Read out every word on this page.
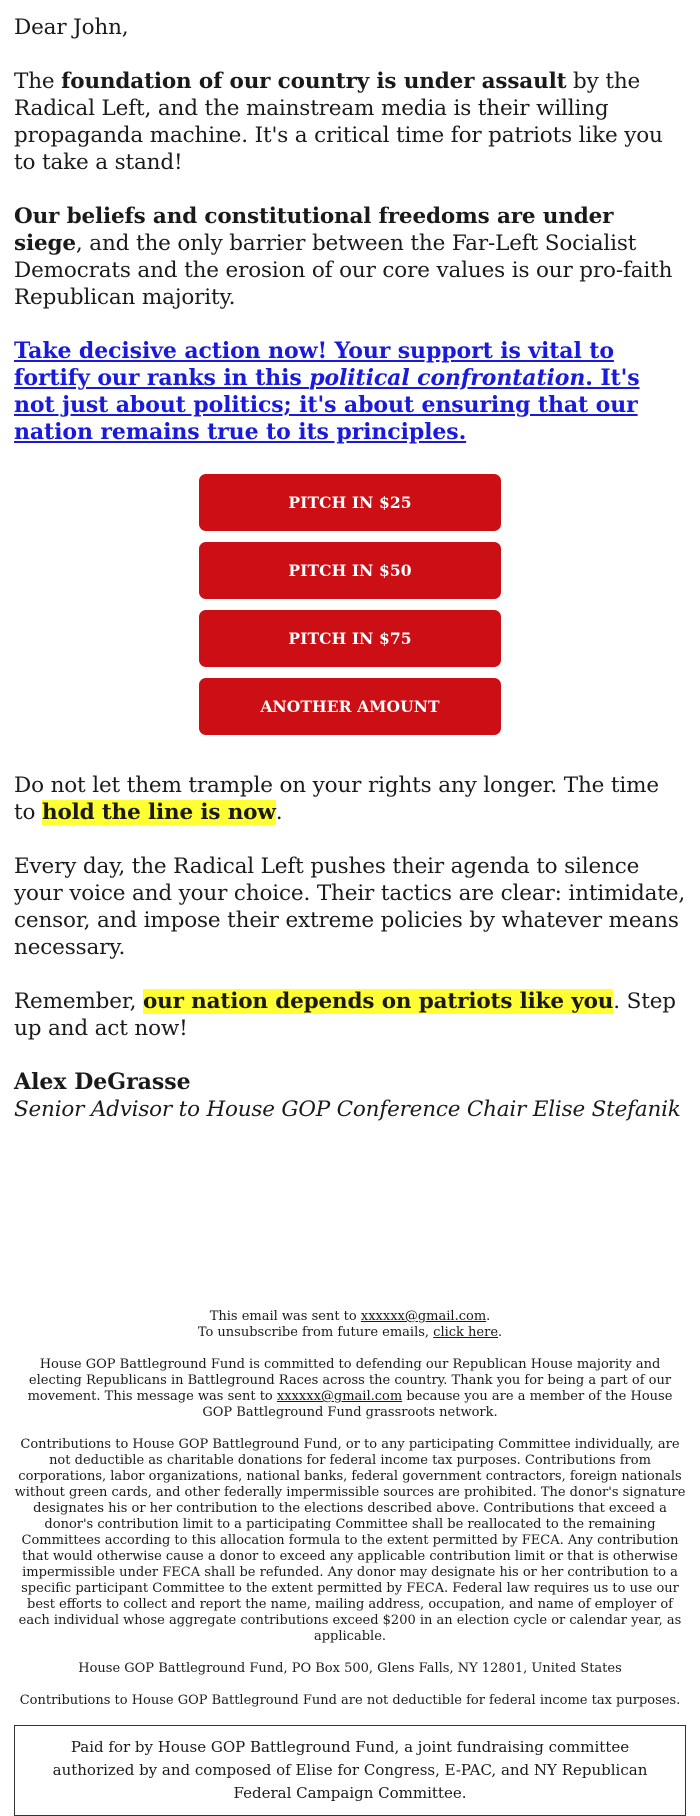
Dear John,

The foundation of our country is under assault by the Radical Left, and the mainstream media is their willing propaganda machine. It's a critical time for patriots like you to take a stand!

Our beliefs and constitutional freedoms are under siege, and the only barrier between the Far-Left Socialist Democrats and the erosion of our core values is our pro-faith Republican majority.

Take decisive action now! Your support is vital to fortify our ranks in this political confrontation. It's not just about politics; it's about ensuring that our nation remains true to its principles.
PITCH IN $25
PITCH IN $50
PITCH IN $75
ANOTHER AMOUNT

Do not let them trample on your rights any longer. The time to hold the line is now.

Every day, the Radical Left pushes their agenda to silence your voice and your choice. Their tactics are clear: intimidate, censor, and impose their extreme policies by whatever means necessary.

Remember, our nation depends on patriots like you. Step up and act now!

Alex DeGrasse

Senior Advisor to House GOP Conference Chair Elise Stefanik

This email was sent to xxxxxx@gmail.com.
To unsubscribe from future emails, click here.

House GOP Battleground Fund is committed to defending our Republican House majority and electing Republicans in Battleground Races across the country. Thank you for being a part of our movement. This message was sent to xxxxxx@gmail.com because you are a member of the House GOP Battleground Fund grassroots network.

Contributions to House GOP Battleground Fund, or to any participating Committee individually, are not deductible as charitable donations for federal income tax purposes. Contributions from corporations, labor organizations, national banks, federal government contractors, foreign nationals without green cards, and other federally impermissible sources are prohibited. The donor's signature designates his or her contribution to the elections described above. Contributions that exceed a donor's contribution limit to a participating Committee shall be reallocated to the remaining Committees according to this allocation formula to the extent permitted by FECA. Any contribution that would otherwise cause a donor to exceed any applicable contribution limit or that is otherwise impermissible under FECA shall be refunded. Any donor may designate his or her contribution to a specific participant Committee to the extent permitted by FECA. Federal law requires us to use our best efforts to collect and report the name, mailing address, occupation, and name of employer of each individual whose aggregate contributions exceed $200 in an election cycle or calendar year, as applicable.

House GOP Battleground Fund, PO Box 500, Glens Falls, NY 12801, United States

Contributions to House GOP Battleground Fund are not deductible for federal income tax purposes.

Paid for by House GOP Battleground Fund, a joint fundraising committee authorized by and composed of Elise for Congress, E-PAC, and NY Republican Federal Campaign Committee.
